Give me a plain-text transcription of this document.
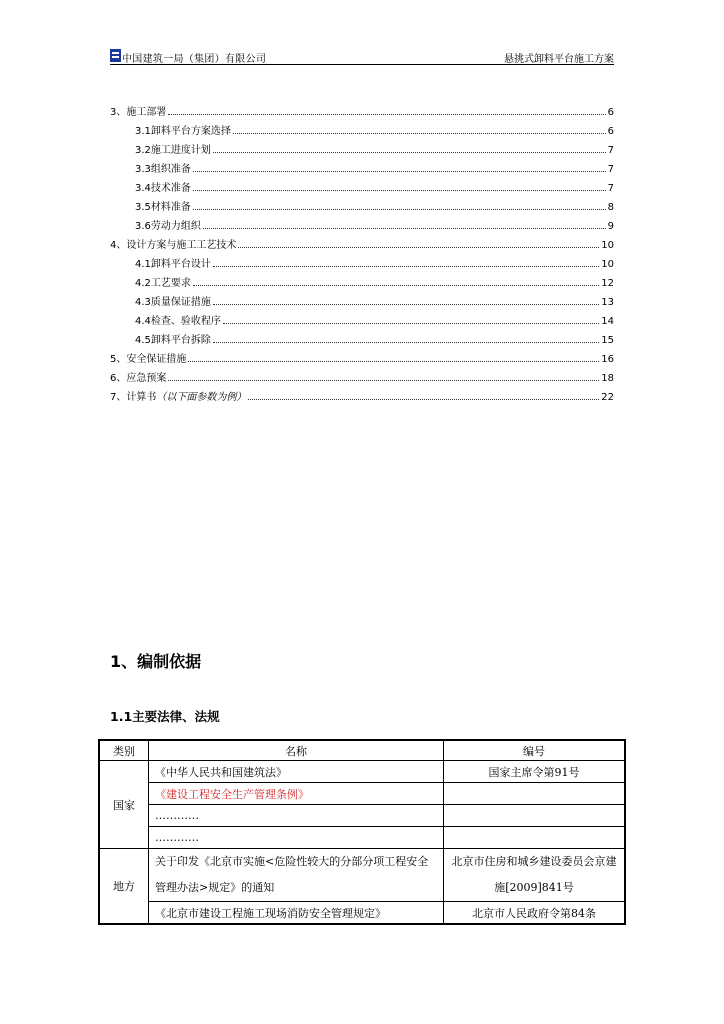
中国建筑一局（集团）有限公司	悬挑式卸料平台施工方案
3、施工部署	6
3.1卸料平台方案选择	6
3.2施工进度计划	7
3.3组织准备	7
3.4技术准备	7
3.5材料准备	8
3.6劳动力组织	9
4、设计方案与施工工艺技术	10
4.1卸料平台设计	10
4.2工艺要求	12
4.3质量保证措施	13
4.4检查、验收程序	14
4.5卸料平台拆除	15
5、安全保证措施	16
6、应急预案	18
7、计算书（以下面参数为例）	22
1、编制依据
1.1主要法律、法规
类别	名称	编号
国家	《中华人民共和国建筑法》	国家主席令第91号
	《建设工程安全生产管理条例》	
	…………	
	…………	
地方	关于印发《北京市实施<危险性较大的分部分项工程安全管理办法>规定》的通知	北京市住房和城乡建设委员会京建施[2009]841号
	《北京市建设工程施工现场消防安全管理规定》	北京市人民政府令第84条
